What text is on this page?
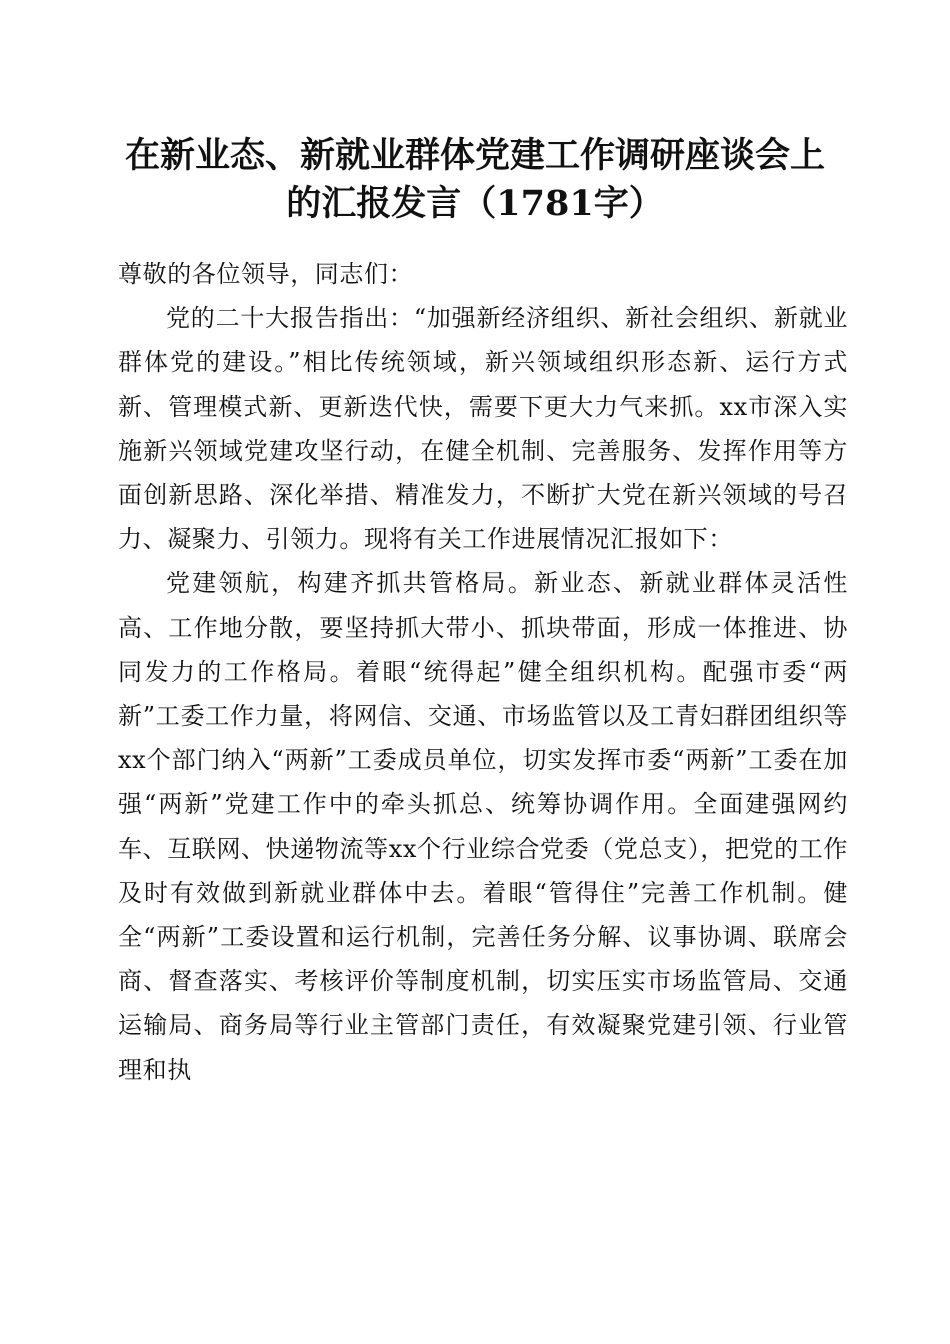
在新业态、新就业群体党建工作调研座谈会上
的汇报发言（1781字）

尊敬的各位领导，同志们：

党的二十大报告指出：“加强新经济组织、新社会组织、新就业群体党的建设。”相比传统领域，新兴领域组织形态新、运行方式新、管理模式新、更新迭代快，需要下更大力气来抓。xx市深入实施新兴领域党建攻坚行动，在健全机制、完善服务、发挥作用等方面创新思路、深化举措、精准发力，不断扩大党在新兴领域的号召力、凝聚力、引领力。现将有关工作进展情况汇报如下：

党建领航，构建齐抓共管格局。新业态、新就业群体灵活性高、工作地分散，要坚持抓大带小、抓块带面，形成一体推进、协同发力的工作格局。着眼“统得起”健全组织机构。配强市委“两新”工委工作力量，将网信、交通、市场监管以及工青妇群团组织等xx个部门纳入“两新”工委成员单位，切实发挥市委“两新”工委在加强“两新”党建工作中的牵头抓总、统筹协调作用。全面建强网约车、互联网、快递物流等xx个行业综合党委（党总支），把党的工作及时有效做到新就业群体中去。着眼“管得住”完善工作机制。健全“两新”工委设置和运行机制，完善任务分解、议事协调、联席会商、督查落实、考核评价等制度机制，切实压实市场监管局、交通运输局、商务局等行业主管部门责任，有效凝聚党建引领、行业管理和执
